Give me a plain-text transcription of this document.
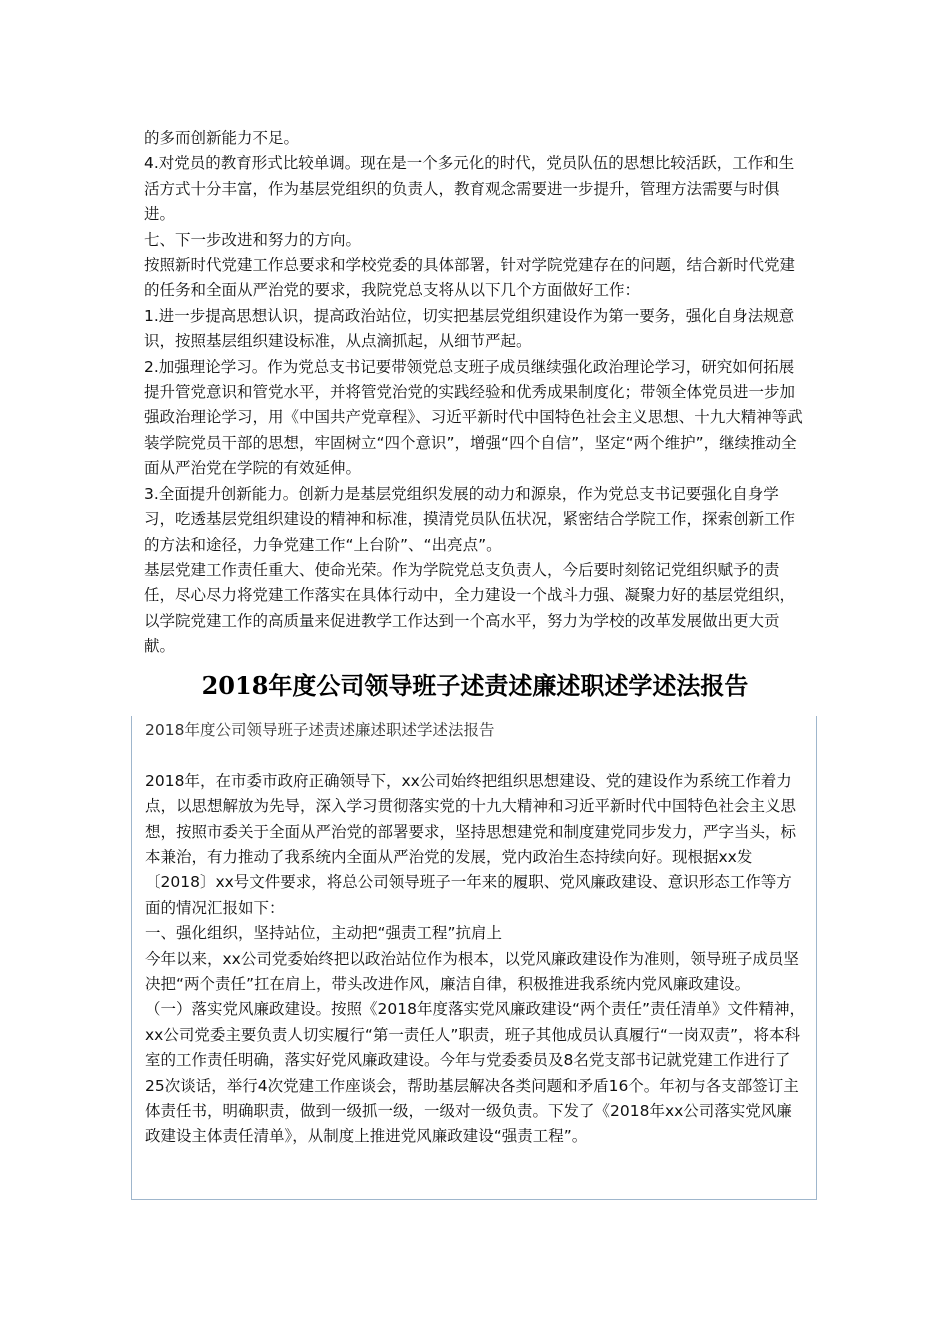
的多而创新能力不足。

4.对党员的教育形式比较单调。现在是一个多元化的时代，党员队伍的思想比较活跃，工作和生活方式十分丰富，作为基层党组织的负责人，教育观念需要进一步提升，管理方法需要与时俱进。

七、下一步改进和努力的方向。

按照新时代党建工作总要求和学校党委的具体部署，针对学院党建存在的问题，结合新时代党建的任务和全面从严治党的要求，我院党总支将从以下几个方面做好工作：

1.进一步提高思想认识，提高政治站位，切实把基层党组织建设作为第一要务，强化自身法规意识，按照基层组织建设标准，从点滴抓起，从细节严起。

2.加强理论学习。作为党总支书记要带领党总支班子成员继续强化政治理论学习，研究如何拓展提升管党意识和管党水平，并将管党治党的实践经验和优秀成果制度化；带领全体党员进一步加强政治理论学习，用《中国共产党章程》、习近平新时代中国特色社会主义思想、十九大精神等武装学院党员干部的思想，牢固树立“四个意识”，增强“四个自信”，坚定“两个维护”，继续推动全面从严治党在学院的有效延伸。

3.全面提升创新能力。创新力是基层党组织发展的动力和源泉，作为党总支书记要强化自身学习，吃透基层党组织建设的精神和标准，摸清党员队伍状况，紧密结合学院工作，探索创新工作的方法和途径，力争党建工作“上台阶”、“出亮点”。

基层党建工作责任重大、使命光荣。作为学院党总支负责人，今后要时刻铭记党组织赋予的责任，尽心尽力将党建工作落实在具体行动中，全力建设一个战斗力强、凝聚力好的基层党组织，以学院党建工作的高质量来促进教学工作达到一个高水平，努力为学校的改革发展做出更大贡献。

2018年度公司领导班子述责述廉述职述学述法报告

2018年度公司领导班子述责述廉述职述学述法报告

2018年，在市委市政府正确领导下，xx公司始终把组织思想建设、党的建设作为系统工作着力点，以思想解放为先导，深入学习贯彻落实党的十九大精神和习近平新时代中国特色社会主义思想，按照市委关于全面从严治党的部署要求，坚持思想建党和制度建党同步发力，严字当头，标本兼治，有力推动了我系统内全面从严治党的发展，党内政治生态持续向好。现根据xx发〔2018〕xx号文件要求，将总公司领导班子一年来的履职、党风廉政建设、意识形态工作等方面的情况汇报如下：

一、强化组织，坚持站位，主动把“强责工程”抗肩上

今年以来，xx公司党委始终把以政治站位作为根本，以党风廉政建设作为准则，领导班子成员坚决把“两个责任”扛在肩上，带头改进作风，廉洁自律，积极推进我系统内党风廉政建设。

（一）落实党风廉政建设。按照《2018年度落实党风廉政建设“两个责任”责任清单》文件精神，xx公司党委主要负责人切实履行“第一责任人”职责，班子其他成员认真履行“一岗双责”，将本科室的工作责任明确，落实好党风廉政建设。今年与党委委员及8名党支部书记就党建工作进行了25次谈话，举行4次党建工作座谈会，帮助基层解决各类问题和矛盾16个。年初与各支部签订主体责任书，明确职责，做到一级抓一级，一级对一级负责。下发了《2018年xx公司落实党风廉政建设主体责任清单》，从制度上推进党风廉政建设“强责工程”。
